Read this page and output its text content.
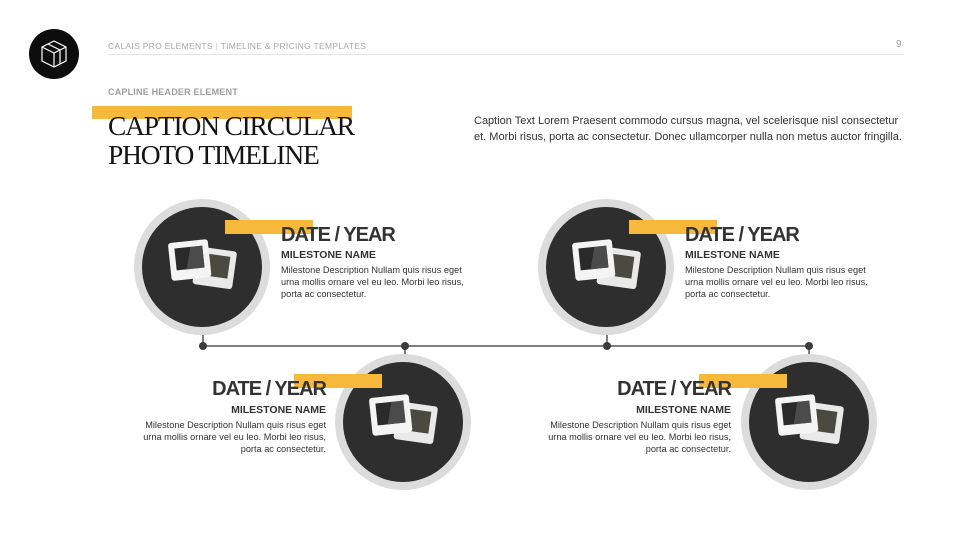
CALAIS PRO ELEMENTS | TIMELINE & PRICING TEMPLATES	9
CAPLINE HEADER ELEMENT
CAPTION CIRCULAR
PHOTO TIMELINE
Caption Text Lorem Praesent commodo cursus magna, vel scelerisque nisl consectetur et. Morbi risus, porta ac consectetur. Donec ullamcorper nulla non metus auctor fringilla.
DATE / YEAR
MILESTONE NAME
Milestone Description Nullam quis risus eget urna mollis ornare vel eu leo. Morbi leo risus, porta ac consectetur.
DATE / YEAR
MILESTONE NAME
Milestone Description Nullam quis risus eget urna mollis ornare vel eu leo. Morbi leo risus, porta ac consectetur.
DATE / YEAR
MILESTONE NAME
Milestone Description Nullam quis risus eget urna mollis ornare vel eu leo. Morbi leo risus, porta ac consectetur.
DATE / YEAR
MILESTONE NAME
Milestone Description Nullam quis risus eget urna mollis ornare vel eu leo. Morbi leo risus, porta ac consectetur.
